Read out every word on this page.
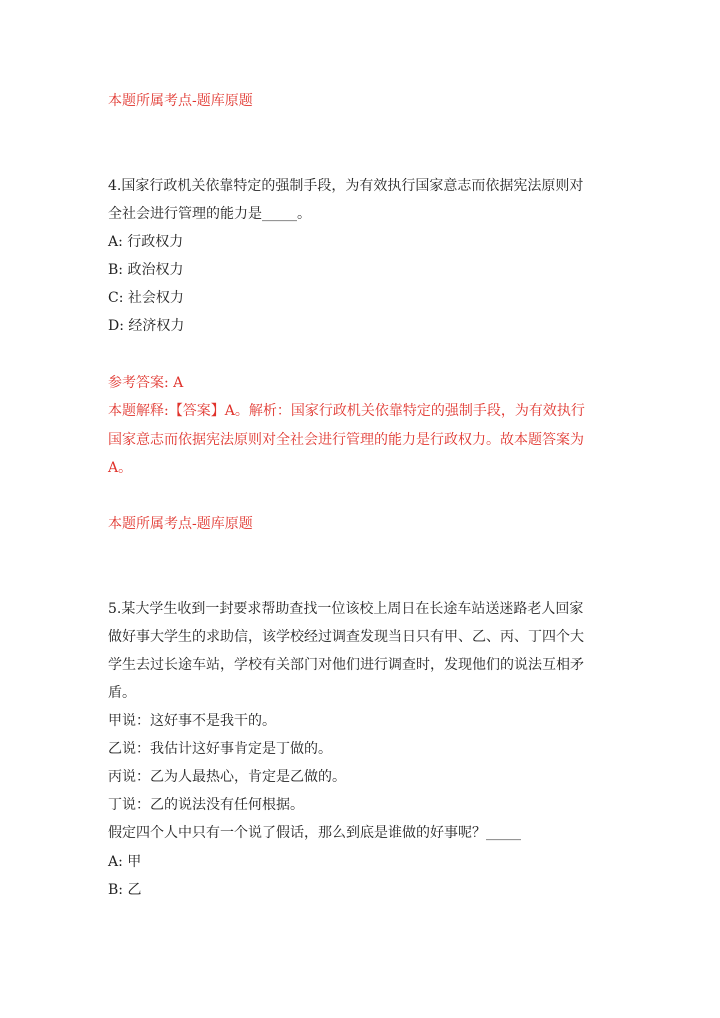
本题所属考点-题库原题
4.国家行政机关依靠特定的强制手段，为有效执行国家意志而依据宪法原则对
全社会进行管理的能力是_____。
A: 行政权力
B: 政治权力
C: 社会权力
D: 经济权力
参考答案: A
本题解释:【答案】A。解析：国家行政机关依靠特定的强制手段，为有效执行
国家意志而依据宪法原则对全社会进行管理的能力是行政权力。故本题答案为
A。
本题所属考点-题库原题
5.某大学生收到一封要求帮助查找一位该校上周日在长途车站送迷路老人回家
做好事大学生的求助信，该学校经过调查发现当日只有甲、乙、丙、丁四个大
学生去过长途车站，学校有关部门对他们进行调查时，发现他们的说法互相矛
盾。
甲说：这好事不是我干的。
乙说：我估计这好事肯定是丁做的。
丙说：乙为人最热心，肯定是乙做的。
丁说：乙的说法没有任何根据。
假定四个人中只有一个说了假话，那么到底是谁做的好事呢？_____
A: 甲
B: 乙
